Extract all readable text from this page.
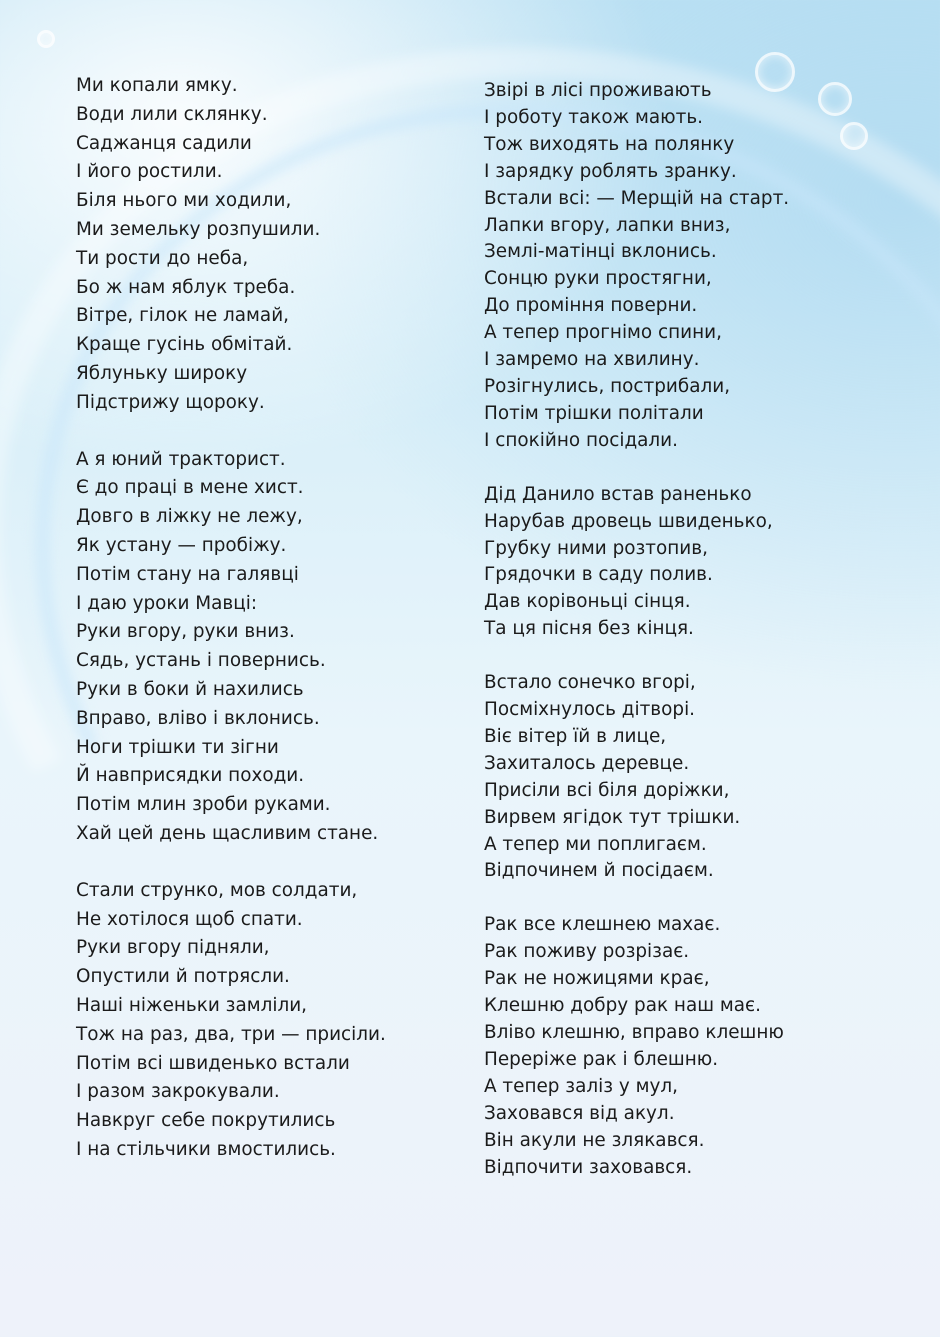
Ми копали ямку.
Води лили склянку.
Саджанця садили
І його ростили.
Біля нього ми ходили,
Ми земельку розпушили.
Ти рости до неба,
Бо ж нам яблук треба.
Вітре, гілок не ламай,
Краще гусінь обмітай.
Яблуньку широку
Підстрижу щороку.
А я юний тракторист.
Є до праці в мене хист.
Довго в ліжку не лежу,
Як устану — пробіжу.
Потім стану на галявці
І даю уроки Мавці:
Руки вгору, руки вниз.
Сядь, устань і повернись.
Руки в боки й нахились
Вправо, вліво і вклонись.
Ноги трішки ти зігни
Й навприсядки походи.
Потім млин зроби руками.
Хай цей день щасливим стане.
Стали струнко, мов солдати,
Не хотілося щоб спати.
Руки вгору підняли,
Опустили й потрясли.
Наші ніженьки замліли,
Тож на раз, два, три — присіли.
Потім всі швиденько встали
І разом закрокували.
Навкруг себе покрутились
І на стільчики вмостились.
Звірі в лісі проживають
І роботу також мають.
Тож виходять на полянку
І зарядку роблять зранку.
Встали всі: — Мерщій на старт.
Лапки вгору, лапки вниз,
Землі-матінці вклонись.
Сонцю руки простягни,
До проміння поверни.
А тепер прогнімо спини,
І замремо на хвилину.
Розігнулись, пострибали,
Потім трішки політали
І спокійно посідали.
Дід Данило встав раненько
Нарубав дровець швиденько,
Грубку ними розтопив,
Грядочки в саду полив.
Дав корівоньці сінця.
Та ця пісня без кінця.
Встало сонечко вгорі,
Посміхнулось дітворі.
Віє вітер їй в лице,
Захиталось деревце.
Присіли всі біля доріжки,
Вирвем ягідок тут трішки.
А тепер ми поплигаєм.
Відпочинем й посідаєм.
Рак все клешнею махає.
Рак поживу розрізає.
Рак не ножицями крає,
Клешню добру рак наш має.
Вліво клешню, вправо клешню
Переріже рак і блешню.
А тепер заліз у мул,
Заховався від акул.
Він акули не злякався.
Відпочити заховався.
